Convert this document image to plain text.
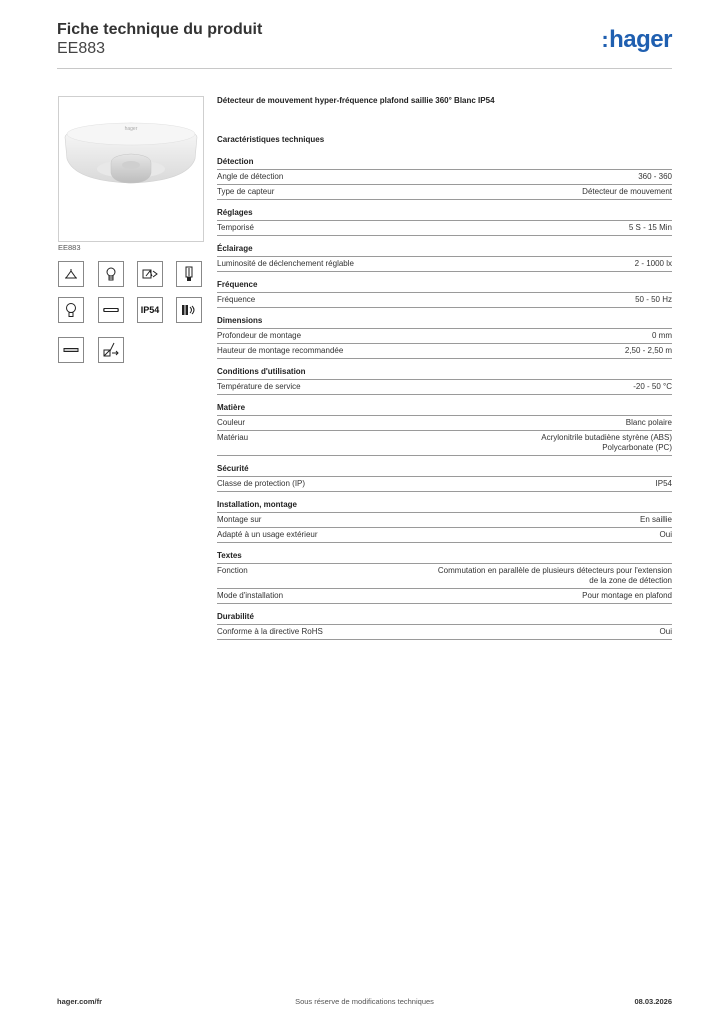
Fiche technique du produit
EE883	:hager
hager
EE883
IP54
Détecteur de mouvement hyper-fréquence plafond saillie 360° Blanc IP54
Caractéristiques techniques
Détection
Angle de détection	360 - 360
Type de capteur	Détecteur de mouvement
Réglages
Temporisé	5 S - 15 Min
Éclairage
Luminosité de déclenchement réglable	2 - 1000 lx
Fréquence
Fréquence	50 - 50 Hz
Dimensions
Profondeur de montage	0 mm
Hauteur de montage recommandée	2,50 - 2,50 m
Conditions d'utilisation
Température de service	-20 - 50 °C
Matière
Couleur	Blanc polaire
Matériau	Acrylonitrile butadiène styrène (ABS)
Polycarbonate (PC)
Sécurité
Classe de protection (IP)	IP54
Installation, montage
Montage sur	En saillie
Adapté à un usage extérieur	Oui
Textes
Fonction	Commutation en parallèle de plusieurs détecteurs pour l'extension
de la zone de détection
Mode d'installation	Pour montage en plafond
Durabilité
Conforme à la directive RoHS	Oui
hager.com/fr	Sous réserve de modifications techniques	08.03.2026
